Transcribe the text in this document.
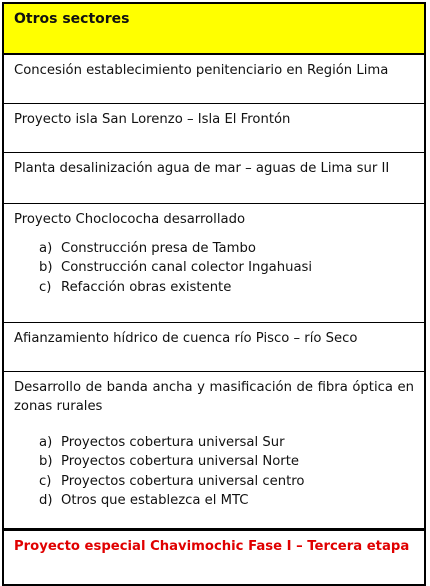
Otros sectores
Concesión establecimiento penitenciario en Región Lima
Proyecto isla San Lorenzo – Isla El Frontón
Planta desalinización agua de mar – aguas de Lima sur II
Proyecto Choclococha desarrollado
a) Construcción presa de Tambo
b) Construcción canal colector Ingahuasi
c) Refacción obras existente
Afianzamiento hídrico de cuenca río Pisco – río Seco
Desarrollo de banda ancha y masificación de fibra óptica en zonas rurales
a) Proyectos cobertura universal Sur
b) Proyectos cobertura universal Norte
c) Proyectos cobertura universal centro
d) Otros que establezca el MTC
Proyecto especial Chavimochic Fase I – Tercera etapa
